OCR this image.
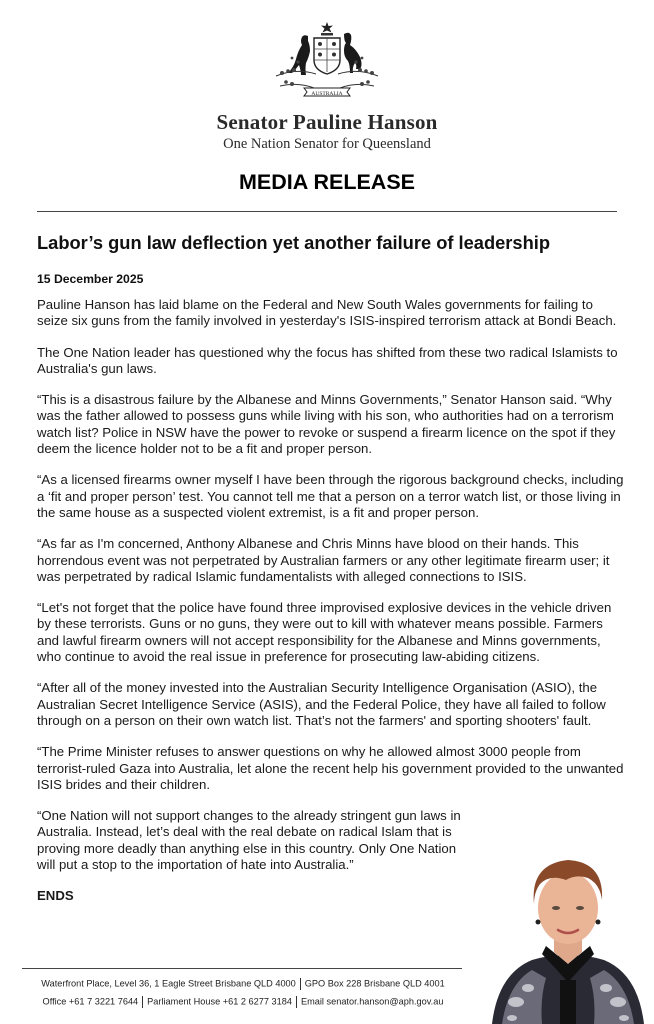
AUSTRALIA
Senator Pauline Hanson
One Nation Senator for Queensland
MEDIA RELEASE
Labor’s gun law deflection yet another failure of leadership
15 December 2025

Pauline Hanson has laid blame on the Federal and New South Wales governments for failing to seize six guns from the family involved in yesterday's ISIS-inspired terrorism attack at Bondi Beach.

The One Nation leader has questioned why the focus has shifted from these two radical Islamists to Australia's gun laws.

“This is a disastrous failure by the Albanese and Minns Governments,” Senator Hanson said. “Why was the father allowed to possess guns while living with his son, who authorities had on a terrorism watch list? Police in NSW have the power to revoke or suspend a firearm licence on the spot if they deem the licence holder not to be a fit and proper person.

“As a licensed firearms owner myself I have been through the rigorous background checks, including a ‘fit and proper person’ test. You cannot tell me that a person on a terror watch list, or those living in the same house as a suspected violent extremist, is a fit and proper person.

“As far as I'm concerned, Anthony Albanese and Chris Minns have blood on their hands. This horrendous event was not perpetrated by Australian farmers or any other legitimate firearm user; it was perpetrated by radical Islamic fundamentalists with alleged connections to ISIS.

“Let's not forget that the police have found three improvised explosive devices in the vehicle driven by these terrorists. Guns or no guns, they were out to kill with whatever means possible. Farmers and lawful firearm owners will not accept responsibility for the Albanese and Minns governments, who continue to avoid the real issue in preference for prosecuting law-abiding citizens.

“After all of the money invested into the Australian Security Intelligence Organisation (ASIO), the Australian Secret Intelligence Service (ASIS), and the Federal Police, they have all failed to follow through on a person on their own watch list. That’s not the farmers' and sporting shooters' fault.

“The Prime Minister refuses to answer questions on why he allowed almost 3000 people from terrorist-ruled Gaza into Australia, let alone the recent help his government provided to the unwanted ISIS brides and their children.

“One Nation will not support changes to the already stringent gun laws in Australia. Instead, let’s deal with the real debate on radical Islam that is proving more deadly than anything else in this country. Only One Nation will put a stop to the importation of hate into Australia.”

ENDS

Waterfront Place, Level 36, 1 Eagle Street Brisbane QLD 4000 GPO Box 228 Brisbane QLD 4001
Office +61 7 3221 7644 Parliament House +61 2 6277 3184 Email senator.hanson@aph.gov.au
